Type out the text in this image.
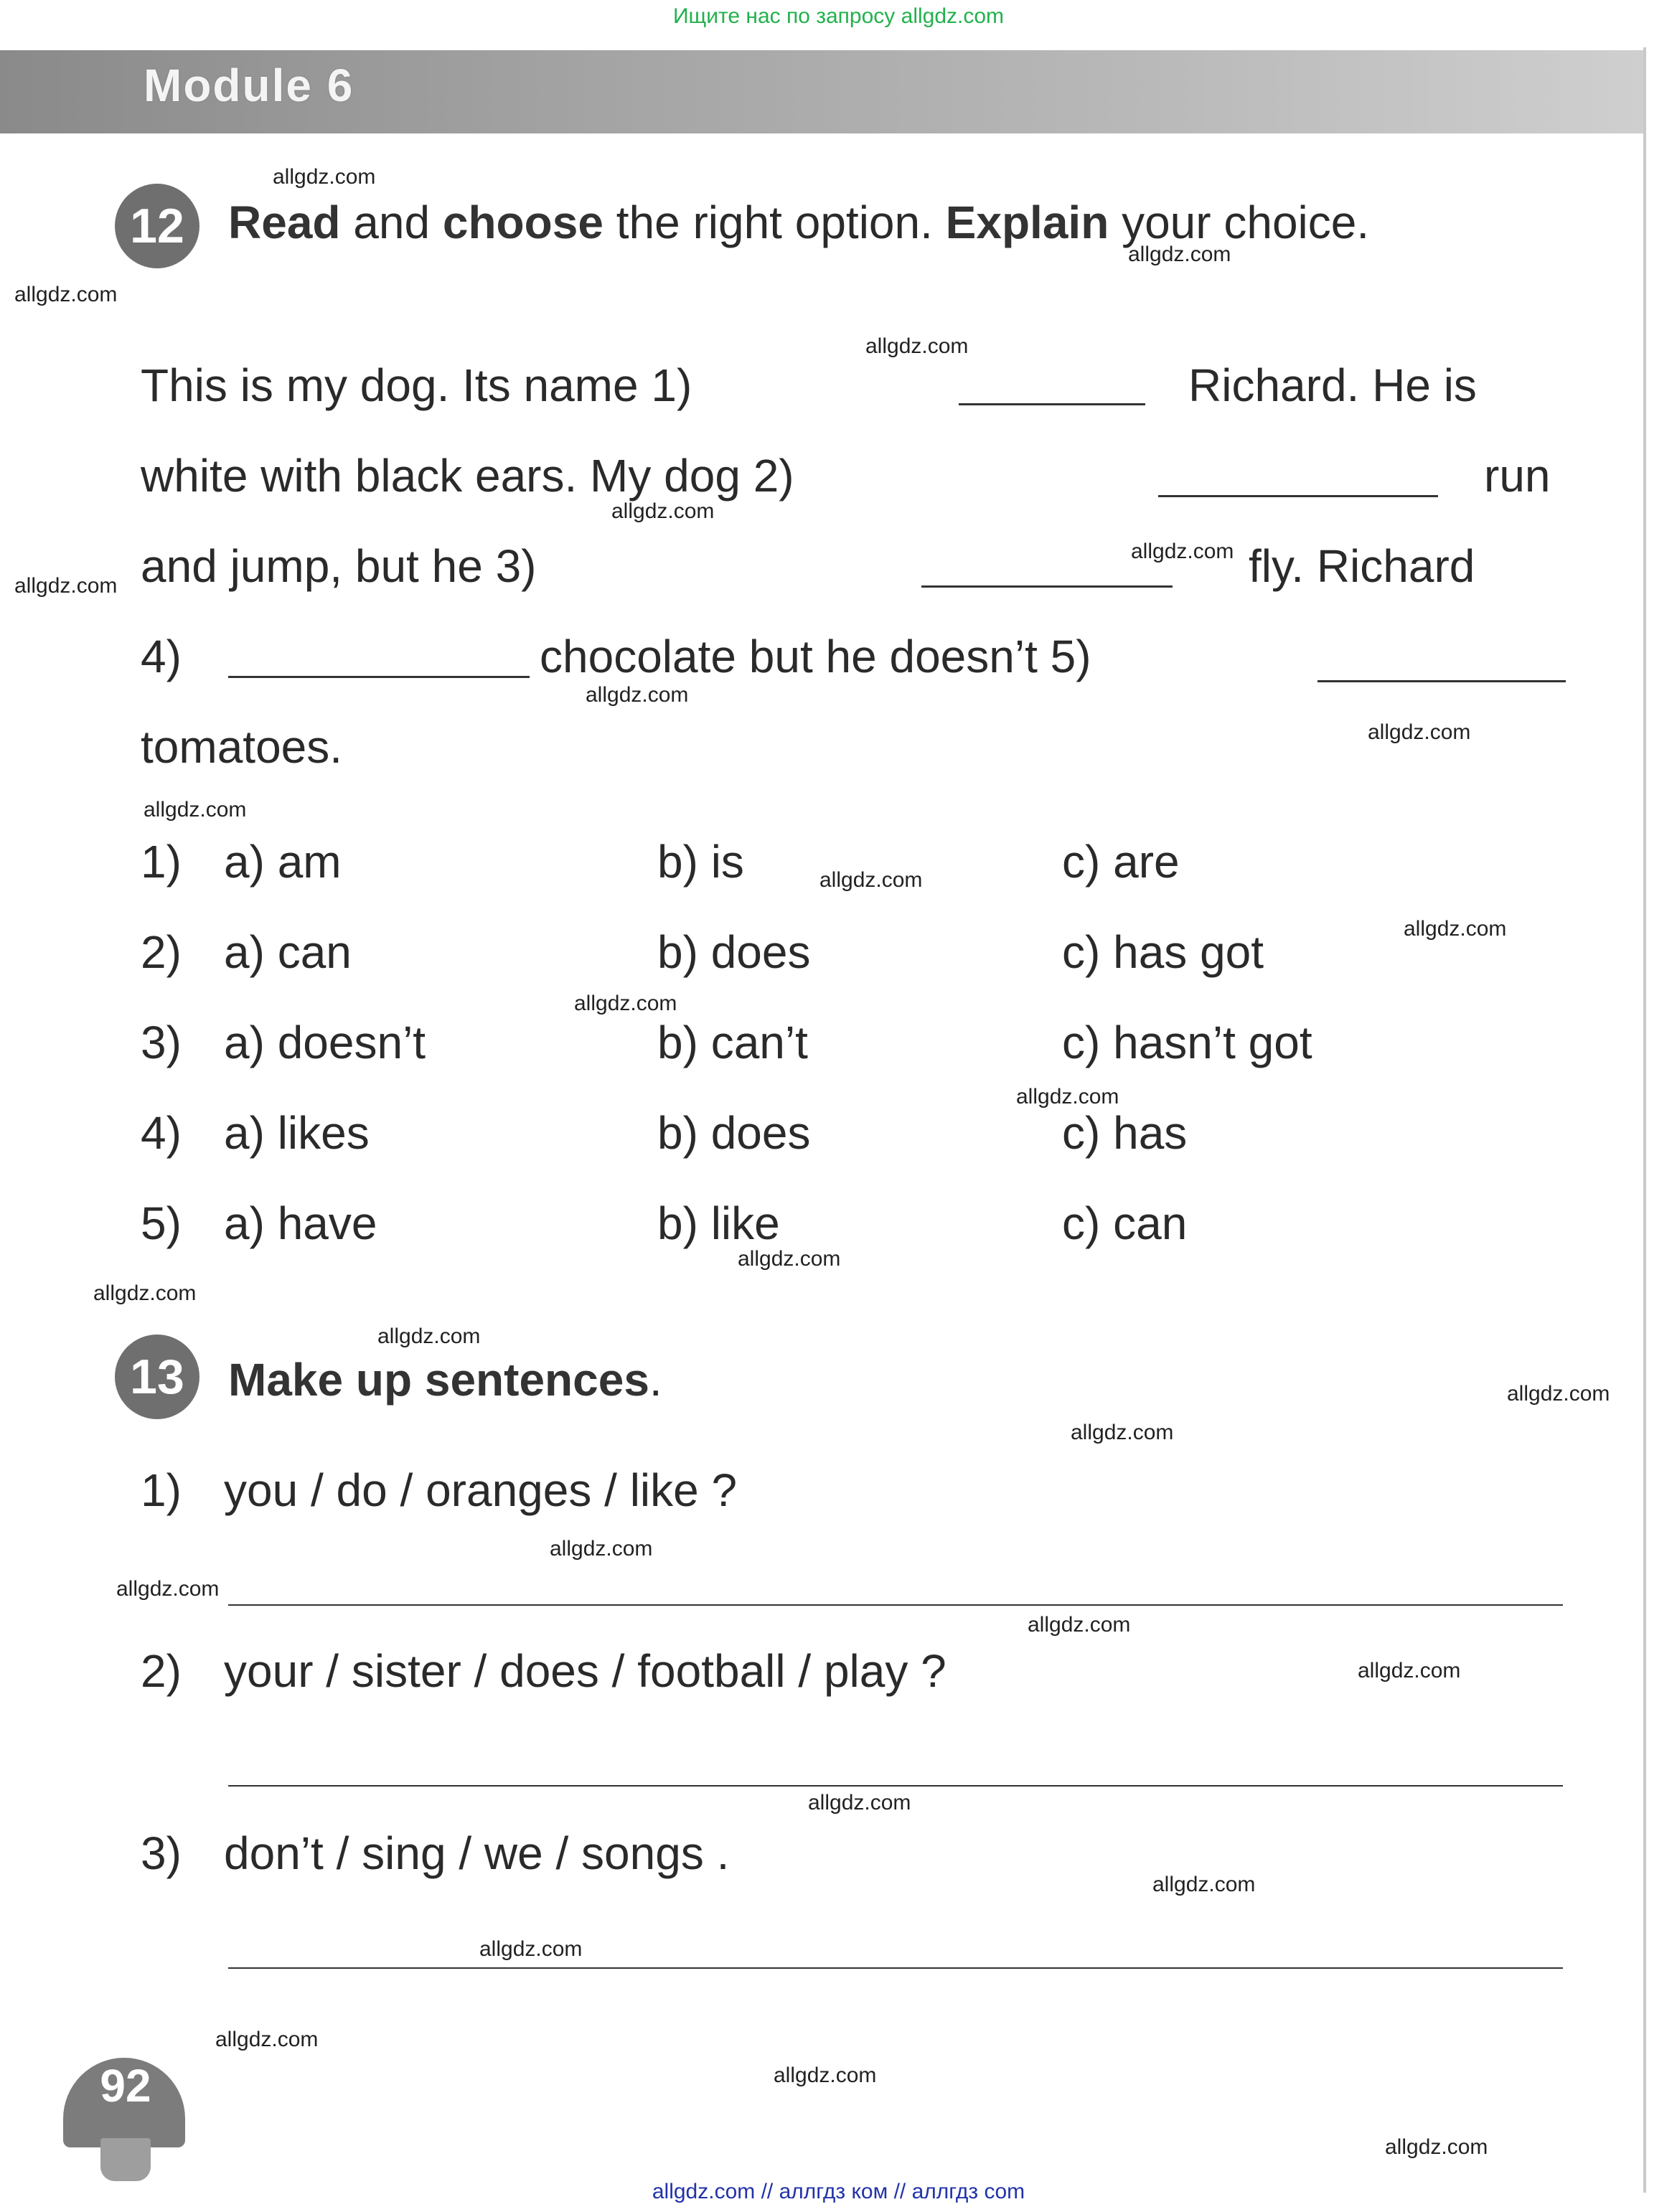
Ищите нас по запросу allgdz.com
Module 6
12 Read and choose the right option. Explain your choice.
This is my dog. Its name 1)	Richard. He is
white with black ears. My dog 2)	run
and jump, but he 3)	fly. Richard
4)	chocolate but he doesn’t 5)
tomatoes.
1) a) am	b) is	c) are
2) a) can	b) does	c) has got
3) a) doesn’t	b) can’t	c) hasn’t got
4) a) likes	b) does	c) has
5) a) have	b) like	c) can
13 Make up sentences.
1) you / do / oranges / like ?
2) your / sister / does / football / play ?
3) don’t / sing / we / songs .
allgdz.com
allgdz.com
allgdz.com
allgdz.com
allgdz.com
allgdz.com
allgdz.com
allgdz.com
allgdz.com
allgdz.com
allgdz.com
allgdz.com
allgdz.com
allgdz.com
allgdz.com
allgdz.com
allgdz.com
allgdz.com
allgdz.com
allgdz.com
allgdz.com
allgdz.com
allgdz.com
allgdz.com
allgdz.com
allgdz.com
allgdz.com
allgdz.com
allgdz.com
92
allgdz.com // аллгдз ком // аллгдз com
